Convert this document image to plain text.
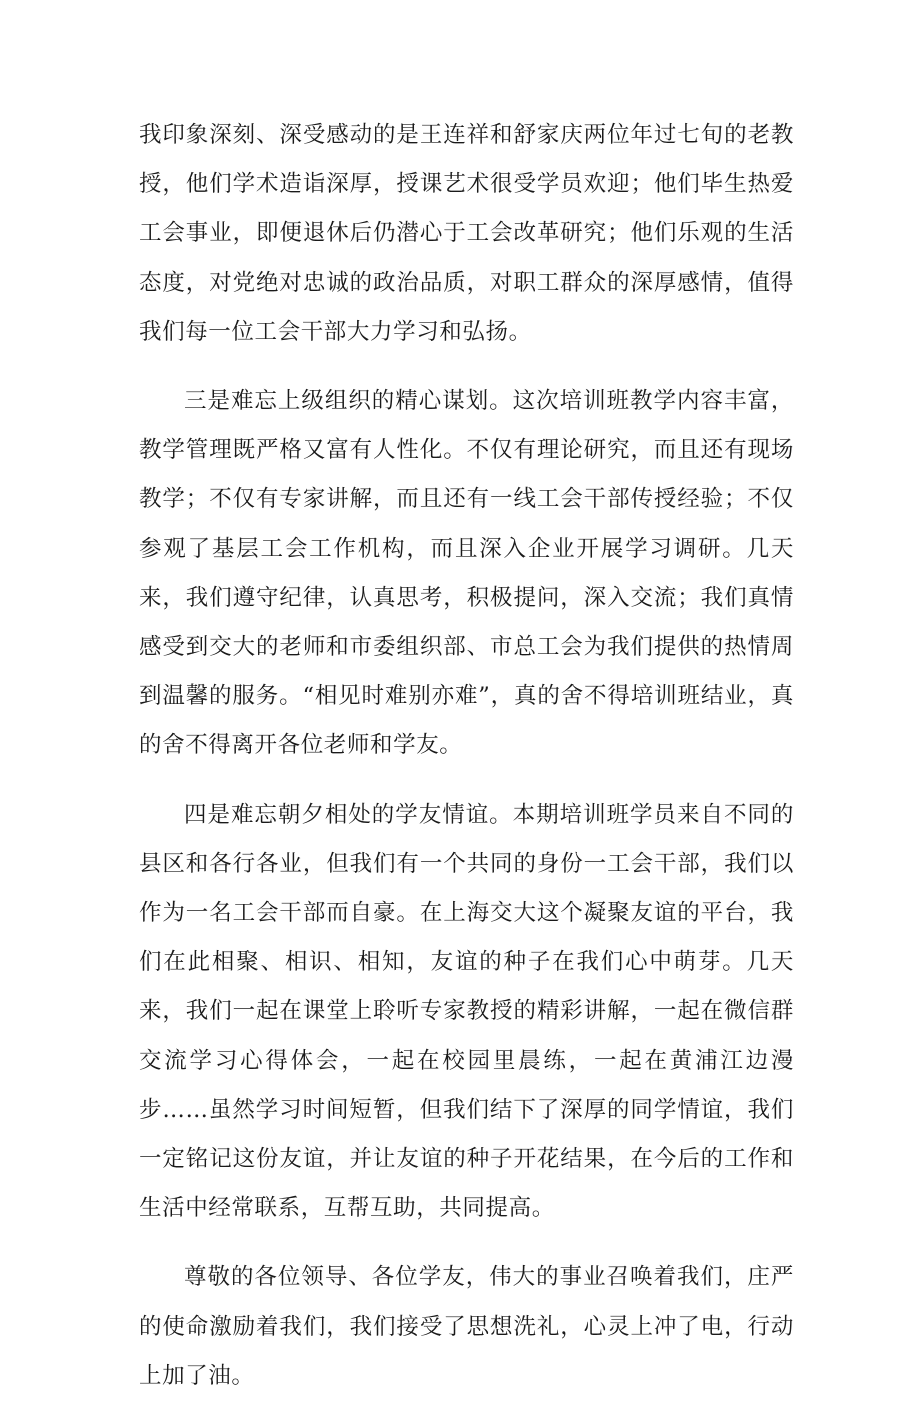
我印象深刻、深受感动的是王连祥和舒家庆两位年过七旬的老教授，他们学术造诣深厚，授课艺术很受学员欢迎；他们毕生热爱工会事业，即便退休后仍潜心于工会改革研究；他们乐观的生活态度，对党绝对忠诚的政治品质，对职工群众的深厚感情，值得我们每一位工会干部大力学习和弘扬。

三是难忘上级组织的精心谋划。这次培训班教学内容丰富，教学管理既严格又富有人性化。不仅有理论研究，而且还有现场教学；不仅有专家讲解，而且还有一线工会干部传授经验；不仅参观了基层工会工作机构，而且深入企业开展学习调研。几天来，我们遵守纪律，认真思考，积极提问，深入交流；我们真情感受到交大的老师和市委组织部、市总工会为我们提供的热情周到温馨的服务。“相见时难别亦难”，真的舍不得培训班结业，真的舍不得离开各位老师和学友。

四是难忘朝夕相处的学友情谊。本期培训班学员来自不同的县区和各行各业，但我们有一个共同的身份一工会干部，我们以作为一名工会干部而自豪。在上海交大这个凝聚友谊的平台，我们在此相聚、相识、相知，友谊的种子在我们心中萌芽。几天来，我们一起在课堂上聆听专家教授的精彩讲解，一起在微信群交流学习心得体会，一起在校园里晨练，一起在黄浦江边漫步……虽然学习时间短暂，但我们结下了深厚的同学情谊，我们一定铭记这份友谊，并让友谊的种子开花结果，在今后的工作和生活中经常联系，互帮互助，共同提高。

尊敬的各位领导、各位学友，伟大的事业召唤着我们，庄严的使命激励着我们，我们接受了思想洗礼，心灵上冲了电，行动上加了油。
